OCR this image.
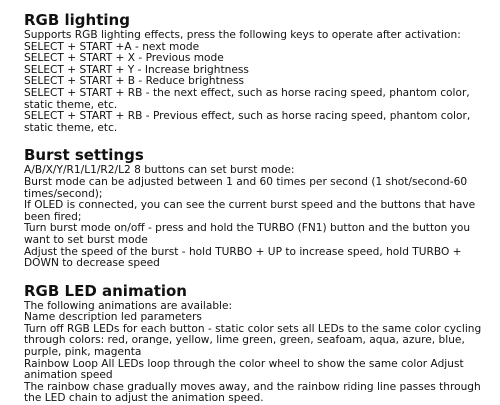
RGB lighting

Supports RGB lighting effects, press the following keys to operate after activation:

SELECT + START +A - next mode

SELECT + START + X - Previous mode

SELECT + START + Y - Increase brightness

SELECT + START + B - Reduce brightness

SELECT + START + RB - the next effect, such as horse racing speed, phantom color, static theme, etc.

SELECT + START + RB - Previous effect, such as horse racing speed, phantom color, static theme, etc.

Burst settings

A/B/X/Y/R1/L1/R2/L2 8 buttons can set burst mode:

Burst mode can be adjusted between 1 and 60 times per second (1 shot/second-60 times/second);

If OLED is connected, you can see the current burst speed and the buttons that have been fired;

Turn burst mode on/off - press and hold the TURBO (FN1) button and the button you want to set burst mode

Adjust the speed of the burst - hold TURBO + UP to increase speed, hold TURBO + DOWN to decrease speed

RGB LED animation

The following animations are available:

Name description led parameters

Turn off RGB LEDs for each button - static color sets all LEDs to the same color cycling through colors: red, orange, yellow, lime green, green, seafoam, aqua, azure, blue, purple, pink, magenta

Rainbow Loop All LEDs loop through the color wheel to show the same color Adjust animation speed

The rainbow chase gradually moves away, and the rainbow riding line passes through the LED chain to adjust the animation speed.
